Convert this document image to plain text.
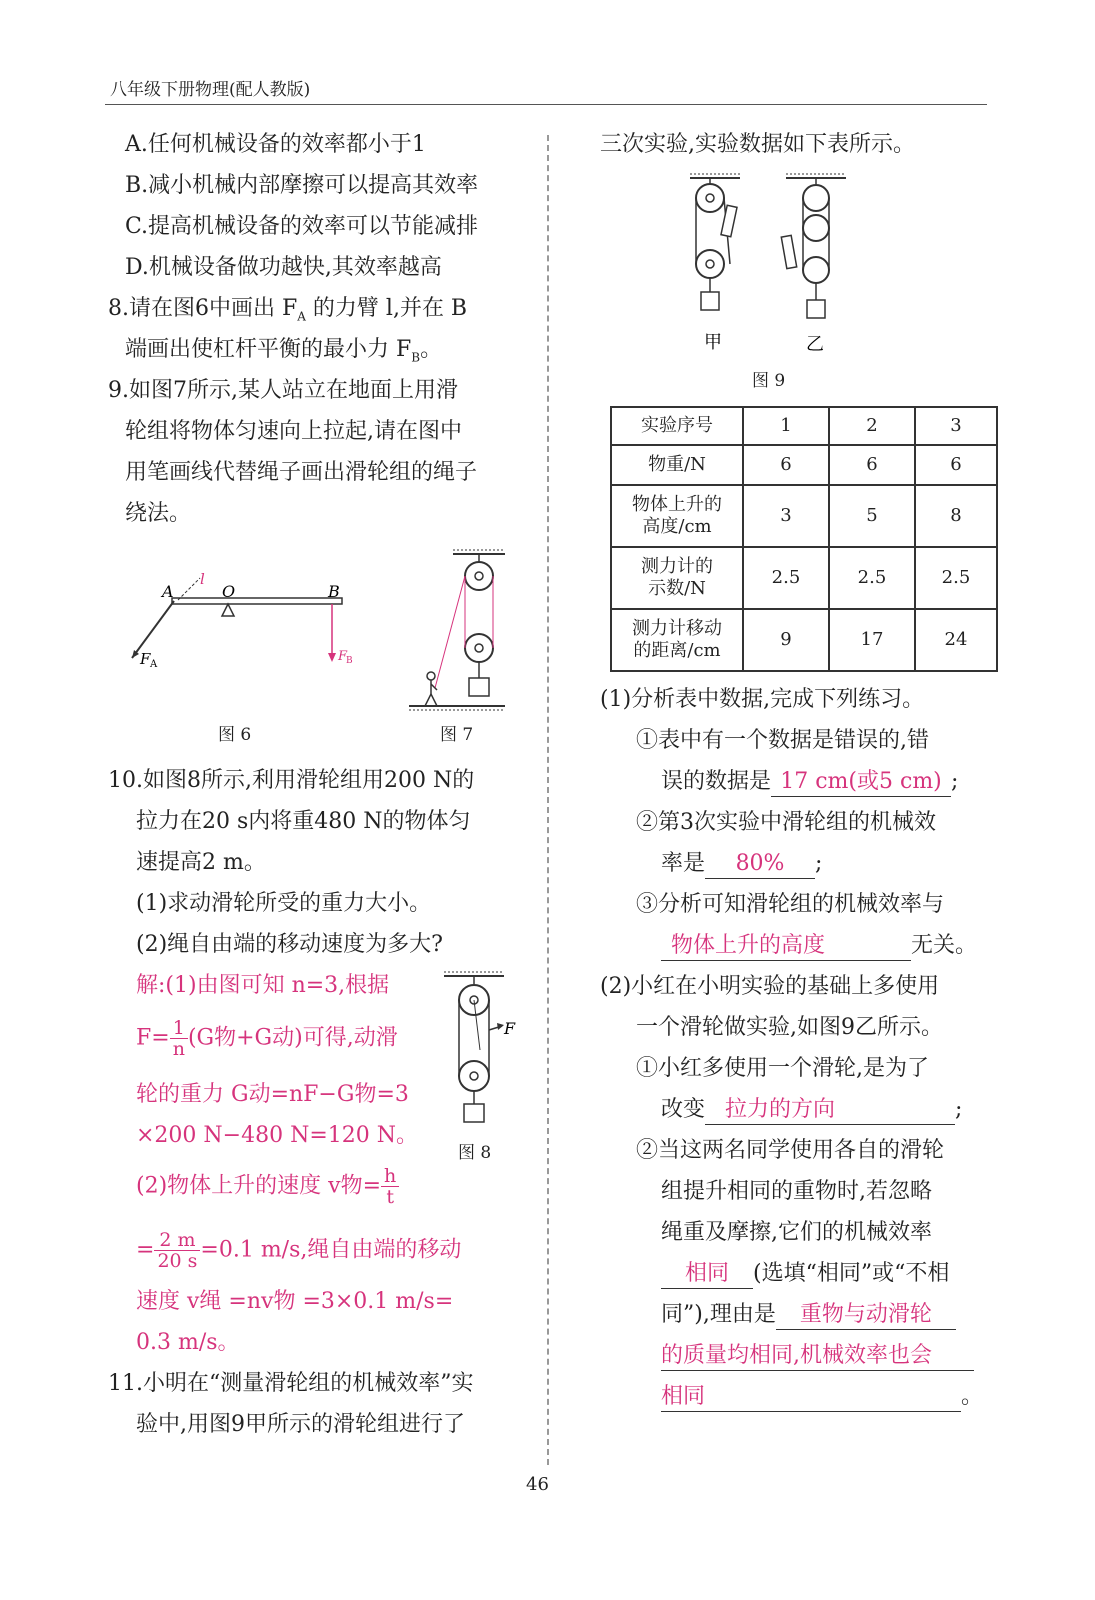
八年级下册物理(配人教版)
A.任何机械设备的效率都小于1
B.减小机械内部摩擦可以提高其效率
C.提高机械设备的效率可以节能减排
D.机械设备做功越快,其效率越高
8.请在图6中画出 $F_A$ 的力臂 l,并在 B
端画出使杠杆平衡的最小力 $F_B$。
9.如图7所示,某人站立在地面上用滑
轮组将物体匀速向上拉起,请在图中
用笔画线代替绳子画出滑轮组的绳子
绕法。
A	O	B
l
F A
F
B
图 6	图 7
10.如图8所示,利用滑轮组用200 N的
拉力在20 s内将重480 N的物体匀
速提高2 m。
(1)求动滑轮所受的重力大小。
(2)绳自由端的移动速度为多大?
F
图 8
解:(1)由图可知 n=3,根据
$F= \frac{1}{n} (G$物+G动)可得,动滑
轮的重力 G动=nF−G物=3
×200 N−480 N=120 N。
(2)物体上升的速度 v物= $\frac{h}{t}$
= $\frac{2 m}{20 s} =0.1$ m/s,绳自由端的移动
速度 v绳 =nv物 =3×0.1 m/s=
0.3 m/s。
11.小明在“测量滑轮组的机械效率”实
验中,用图9甲所示的滑轮组进行了
三次实验,实验数据如下表所示。
甲	乙
图 9
实验序号	1	2	3
物重/N	6	6	6
物体上升的
高度/cm	3	5	8
测力计的
示数/N	2.5	2.5	2.5
测力计移动
的距离/cm	9	17	24
(1)分析表中数据,完成下列练习。
①表中有一个数据是错误的,错
误的数据是 17 cm(或5 cm) ;
②第3次实验中滑轮组的机械效
率是 80% ;
③分析可知滑轮组的机械效率与
物体上升的高度	无关。
(2)小红在小明实验的基础上多使用
一个滑轮做实验,如图9乙所示。
①小红多使用一个滑轮,是为了
改变 拉力的方向	;
②当这两名同学使用各自的滑轮
组提升相同的重物时,若忽略
绳重及摩擦,它们的机械效率
相同 (选填“相同”或“不相
同”),理由是 重物与动滑轮
的质量均相同,机械效率也会
相同	。
46
